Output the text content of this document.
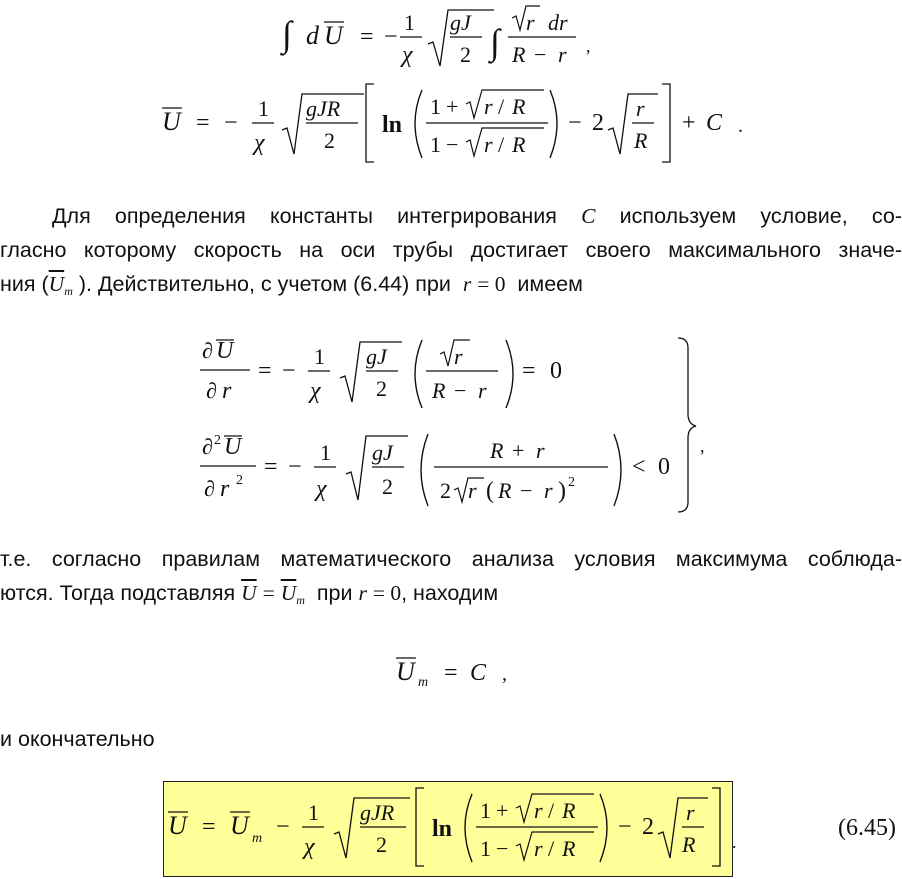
∫ d U = −
1
χ
gJ
2 ∫ r dr
R − r ,
U = −
1
χ
gJR
2
ln
1 + r / R
1 − r / R
− 2
r
R
+ C .
Для определения константы интегрирования C используем условие, со-
гласно которому скорость на оси трубы достигает своего максимального значе-
ния ($\overline{U}_m$ ). Действительно, с учетом (6.44) при r = 0 имеем
∂ U
∂ r
= −
1
χ
gJ
2
r
R − r
= 0
∂ 2 U
∂ r 2
= −
1
χ
gJ
2
R + r
2 r ( R − r ) 2
< 0
,
т.е. согласно правилам математического анализа условия максимума соблюда-
ются. Тогда подставляя $\overline{U} = \overline{U}_m$ при r = 0, находим
U m = C ,
и окончательно
U = U m −
1
χ
gJR
2
ln
1 + r / R
1 − r / R
− 2
r
R .
(6.45)
